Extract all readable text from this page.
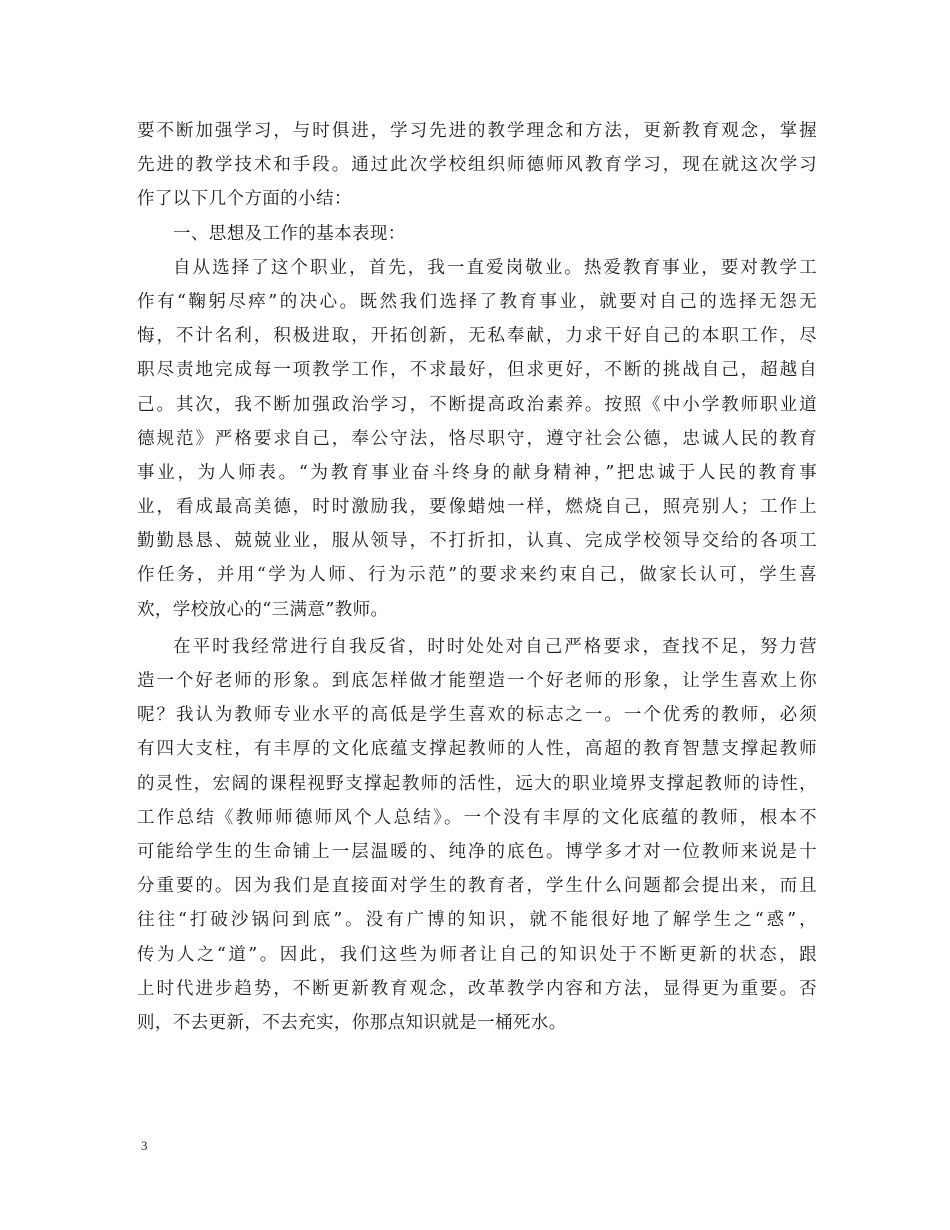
要不断加强学习，与时俱进，学习先进的教学理念和方法，更新教育观念，掌握
先进的教学技术和手段。通过此次学校组织师德师风教育学习，现在就这次学习
作了以下几个方面的小结：
一、思想及工作的基本表现：
自从选择了这个职业，首先，我一直爱岗敬业。热爱教育事业，要对教学工
作有“鞠躬尽瘁”的决心。既然我们选择了教育事业，就要对自己的选择无怨无
悔，不计名利，积极进取，开拓创新，无私奉献，力求干好自己的本职工作，尽
职尽责地完成每一项教学工作，不求最好，但求更好，不断的挑战自己，超越自
己。其次，我不断加强政治学习，不断提高政治素养。按照《中小学教师职业道
德规范》严格要求自己，奉公守法，恪尽职守，遵守社会公德，忠诚人民的教育
事业，为人师表。“为教育事业奋斗终身的献身精神，”把忠诚于人民的教育事
业，看成最高美德，时时激励我，要像蜡烛一样，燃烧自己，照亮别人；工作上
勤勤恳恳、兢兢业业，服从领导，不打折扣，认真、完成学校领导交给的各项工
作任务，并用“学为人师、行为示范”的要求来约束自己，做家长认可，学生喜
欢，学校放心的“三满意”教师。
在平时我经常进行自我反省，时时处处对自己严格要求，查找不足，努力营
造一个好老师的形象。到底怎样做才能塑造一个好老师的形象，让学生喜欢上你
呢？我认为教师专业水平的高低是学生喜欢的标志之一。一个优秀的教师，必须
有四大支柱，有丰厚的文化底蕴支撑起教师的人性，高超的教育智慧支撑起教师
的灵性，宏阔的课程视野支撑起教师的活性，远大的职业境界支撑起教师的诗性，
工作总结《教师师德师风个人总结》。一个没有丰厚的文化底蕴的教师，根本不
可能给学生的生命铺上一层温暖的、纯净的底色。博学多才对一位教师来说是十
分重要的。因为我们是直接面对学生的教育者，学生什么问题都会提出来，而且
往往“打破沙锅问到底”。没有广博的知识，就不能很好地了解学生之“惑”，
传为人之“道”。因此，我们这些为师者让自己的知识处于不断更新的状态，跟
上时代进步趋势，不断更新教育观念，改革教学内容和方法，显得更为重要。否
则，不去更新，不去充实，你那点知识就是一桶死水。
3
